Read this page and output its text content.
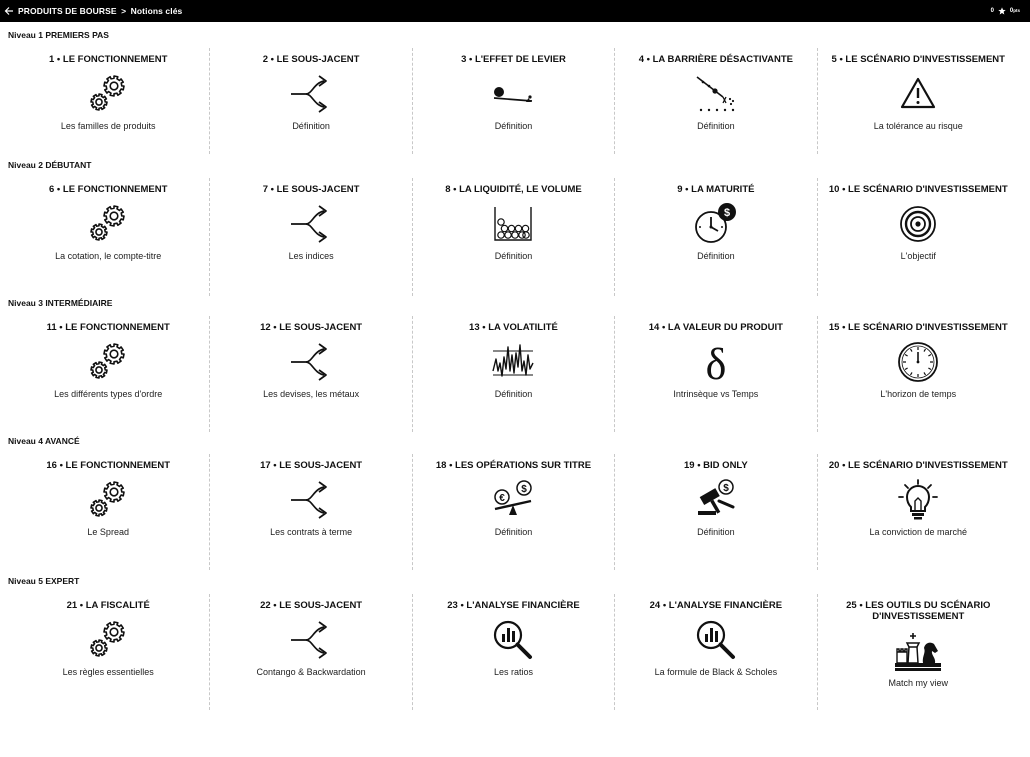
PRODUITS DE BOURSE > Notions clés	0	0pts
Niveau 1 PREMIERS PAS
1 • LE FONCTIONNEMENT
Les familles de produits
2 • LE SOUS-JACENT
Définition
3 • L'EFFET DE LEVIER
Définition
4 • LA BARRIÈRE DÉSACTIVANTE
Définition
5 • LE SCÉNARIO D'INVESTISSEMENT
La tolérance au risque
Niveau 2 DÉBUTANT
6 • LE FONCTIONNEMENT
La cotation, le compte-titre
7 • LE SOUS-JACENT
Les indices
8 • LA LIQUIDITÉ, LE VOLUME
Définition
9 • LA MATURITÉ
$
Définition
10 • LE SCÉNARIO D'INVESTISSEMENT
L'objectif
Niveau 3 INTERMÉDIAIRE
11 • LE FONCTIONNEMENT
Les différents types d'ordre
12 • LE SOUS-JACENT
Les devises, les métaux
13 • LA VOLATILITÉ
Définition
14 • LA VALEUR DU PRODUIT
δ
Intrinsèque vs Temps
15 • LE SCÉNARIO D'INVESTISSEMENT
L'horizon de temps
Niveau 4 AVANCÉ
16 • LE FONCTIONNEMENT
Le Spread
17 • LE SOUS-JACENT
Les contrats à terme
18 • LES OPÉRATIONS SUR TITRE
€
$
Définition
19 • BID ONLY
$
Définition
20 • LE SCÉNARIO D'INVESTISSEMENT
La conviction de marché
Niveau 5 EXPERT
21 • LA FISCALITÉ
Les règles essentielles
22 • LE SOUS-JACENT
Contango & Backwardation
23 • L'ANALYSE FINANCIÈRE
Les ratios
24 • L'ANALYSE FINANCIÈRE
La formule de Black & Scholes
25 • LES OUTILS DU SCÉNARIO D'INVESTISSEMENT
Match my view
